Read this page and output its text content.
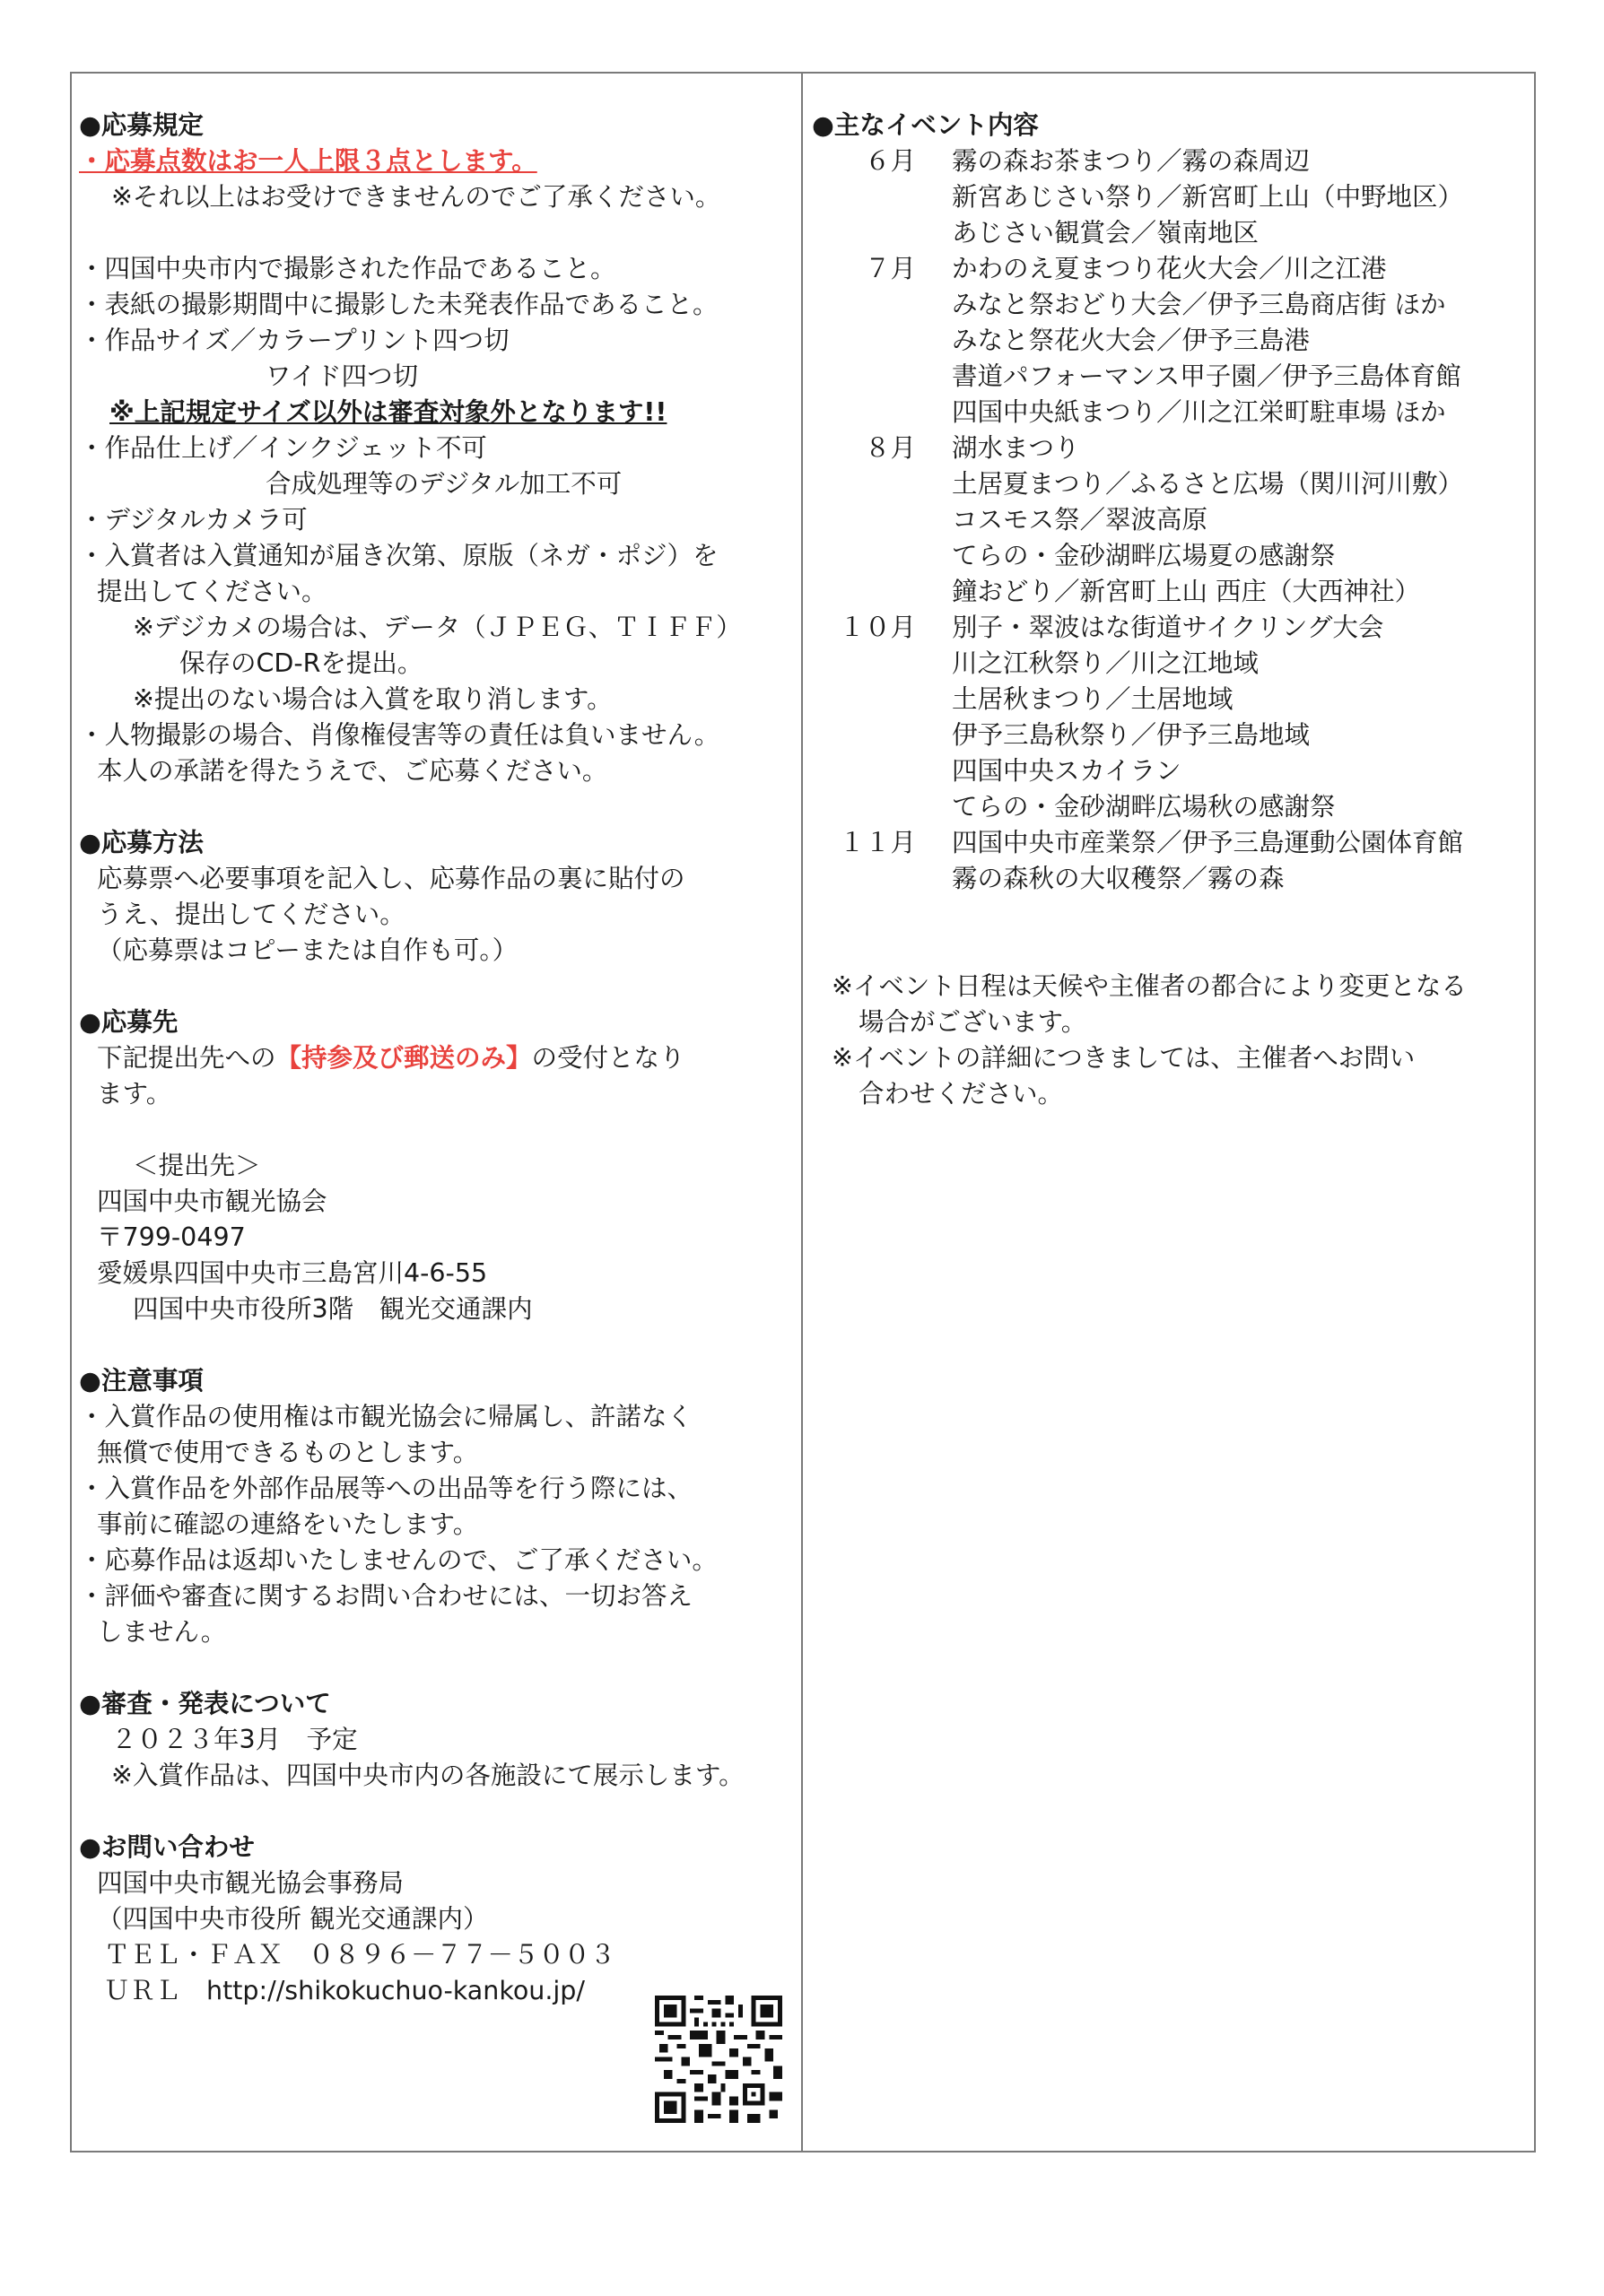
●応募規定
・応募点数はお一人上限３点とします。
※それ以上はお受けできませんのでご了承ください。
・四国中央市内で撮影された作品であること。
・表紙の撮影期間中に撮影した未発表作品であること。
・作品サイズ／カラープリント四つ切
ワイド四つ切
※上記規定サイズ以外は審査対象外となります!!
・作品仕上げ／インクジェット不可
合成処理等のデジタル加工不可
・デジタルカメラ可
・入賞者は入賞通知が届き次第、原版（ネガ・ポジ）を
提出してください。
※デジカメの場合は、データ（ＪＰＥＧ、ＴＩＦＦ）
保存のCD-Rを提出。
※提出のない場合は入賞を取り消します。
・人物撮影の場合、肖像権侵害等の責任は負いません。
本人の承諾を得たうえで、ご応募ください。
●応募方法
応募票へ必要事項を記入し、応募作品の裏に貼付の
うえ、提出してください。
（応募票はコピーまたは自作も可。）
●応募先
下記提出先への【持参及び郵送のみ】の受付となり
ます。
＜提出先＞
四国中央市観光協会
〒799-0497
愛媛県四国中央市三島宮川4-6-55
四国中央市役所3階　観光交通課内
●注意事項
・入賞作品の使用権は市観光協会に帰属し、許諾なく
無償で使用できるものとします。
・入賞作品を外部作品展等への出品等を行う際には、
事前に確認の連絡をいたします。
・応募作品は返却いたしませんので、ご了承ください。
・評価や審査に関するお問い合わせには、一切お答え
しません。
●審査・発表について
２０２３年3月　予定
※入賞作品は、四国中央市内の各施設にて展示します。
●お問い合わせ
四国中央市観光協会事務局
（四国中央市役所 観光交通課内）
ＴＥＬ・ＦＡＸ　０８９６－７７－５００３
ＵＲＬ　http://shikokuchuo-kankou.jp/
●主なイベント内容
６月	霧の森お茶まつり／霧の森周辺
新宮あじさい祭り／新宮町上山（中野地区）
あじさい観賞会／嶺南地区
７月	かわのえ夏まつり花火大会／川之江港
みなと祭おどり大会／伊予三島商店街 ほか
みなと祭花火大会／伊予三島港
書道パフォーマンス甲子園／伊予三島体育館
四国中央紙まつり／川之江栄町駐車場 ほか
８月	湖水まつり
土居夏まつり／ふるさと広場（関川河川敷）
コスモス祭／翠波高原
てらの・金砂湖畔広場夏の感謝祭
鐘おどり／新宮町上山 西庄（大西神社）
１０月	別子・翠波はな街道サイクリング大会
川之江秋祭り／川之江地域
土居秋まつり／土居地域
伊予三島秋祭り／伊予三島地域
四国中央スカイラン
てらの・金砂湖畔広場秋の感謝祭
１１月	四国中央市産業祭／伊予三島運動公園体育館
霧の森秋の大収穫祭／霧の森
※イベント日程は天候や主催者の都合により変更となる
場合がございます。
※イベントの詳細につきましては、主催者へお問い
合わせください。
